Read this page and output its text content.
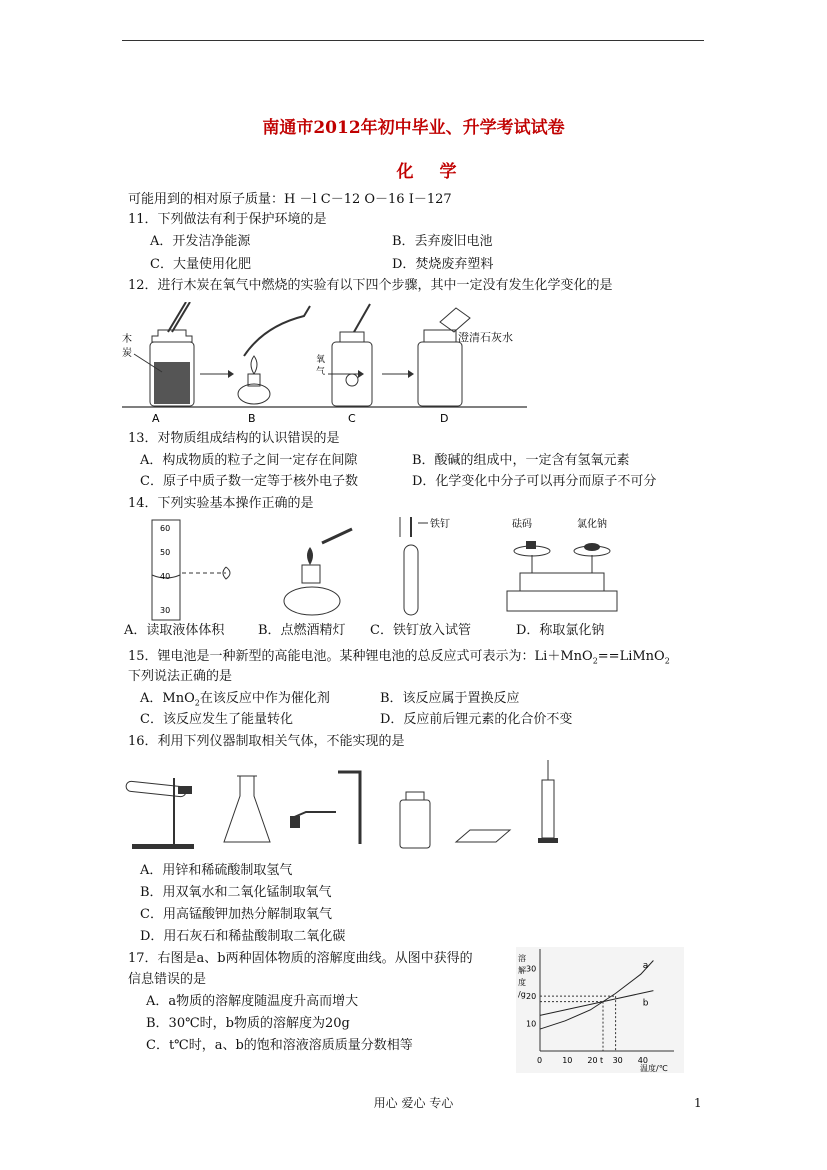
南通市2012年初中毕业、升学考试试卷
化学
可能用到的相对原子质量：H －l C－12 O－16 I－127
11．下列做法有利于保护环境的是
A．开发洁净能源	B．丢弃废旧电池
C．大量使用化肥	D．焚烧废弃塑料
12．进行木炭在氧气中燃烧的实验有以下四个步骤，其中一定没有发生化学变化的是
木
炭
氧
气
A	B	C	D
澄清石灰水
13．对物质组成结构的认识错误的是
A．构成物质的粒子之间一定存在间隙	B．酸碱的组成中，一定含有氢氧元素
C．原子中质子数一定等于核外电子数	D．化学变化中分子可以再分而原子不可分
14．下列实验基本操作正确的是
60
50
40
30
铁钉	砝码	氯化钠
A．读取液体体积	B．点燃酒精灯 C．铁钉放入试管	D．称取氯化钠
15．锂电池是一种新型的高能电池。某种锂电池的总反应式可表示为：Li＋MnO$_2$==LiMnO$_2$
下列说法正确的是
A．MnO$_2$在该反应中作为催化剂	B．该反应属于置换反应
C．该反应发生了能量转化	D．反应前后锂元素的化合价不变
16．利用下列仪器制取相关气体，不能实现的是
A．用锌和稀硫酸制取氢气
B．用双氧水和二氧化锰制取氧气
C．用高锰酸钾加热分解制取氧气
D．用石灰石和稀盐酸制取二氧化碳
17．右图是a、b两种固体物质的溶解度曲线。从图中获得的
信息错误的是
A．a物质的溶解度随温度升高而增大
B．30℃时，b物质的溶解度为20g
C．t℃时，a、b的饱和溶液溶质质量分数相等
0	10 20 t 30 40
10
20
30	a
b
溶
解
度
/g
温度/℃
用心 爱心 专心	1
